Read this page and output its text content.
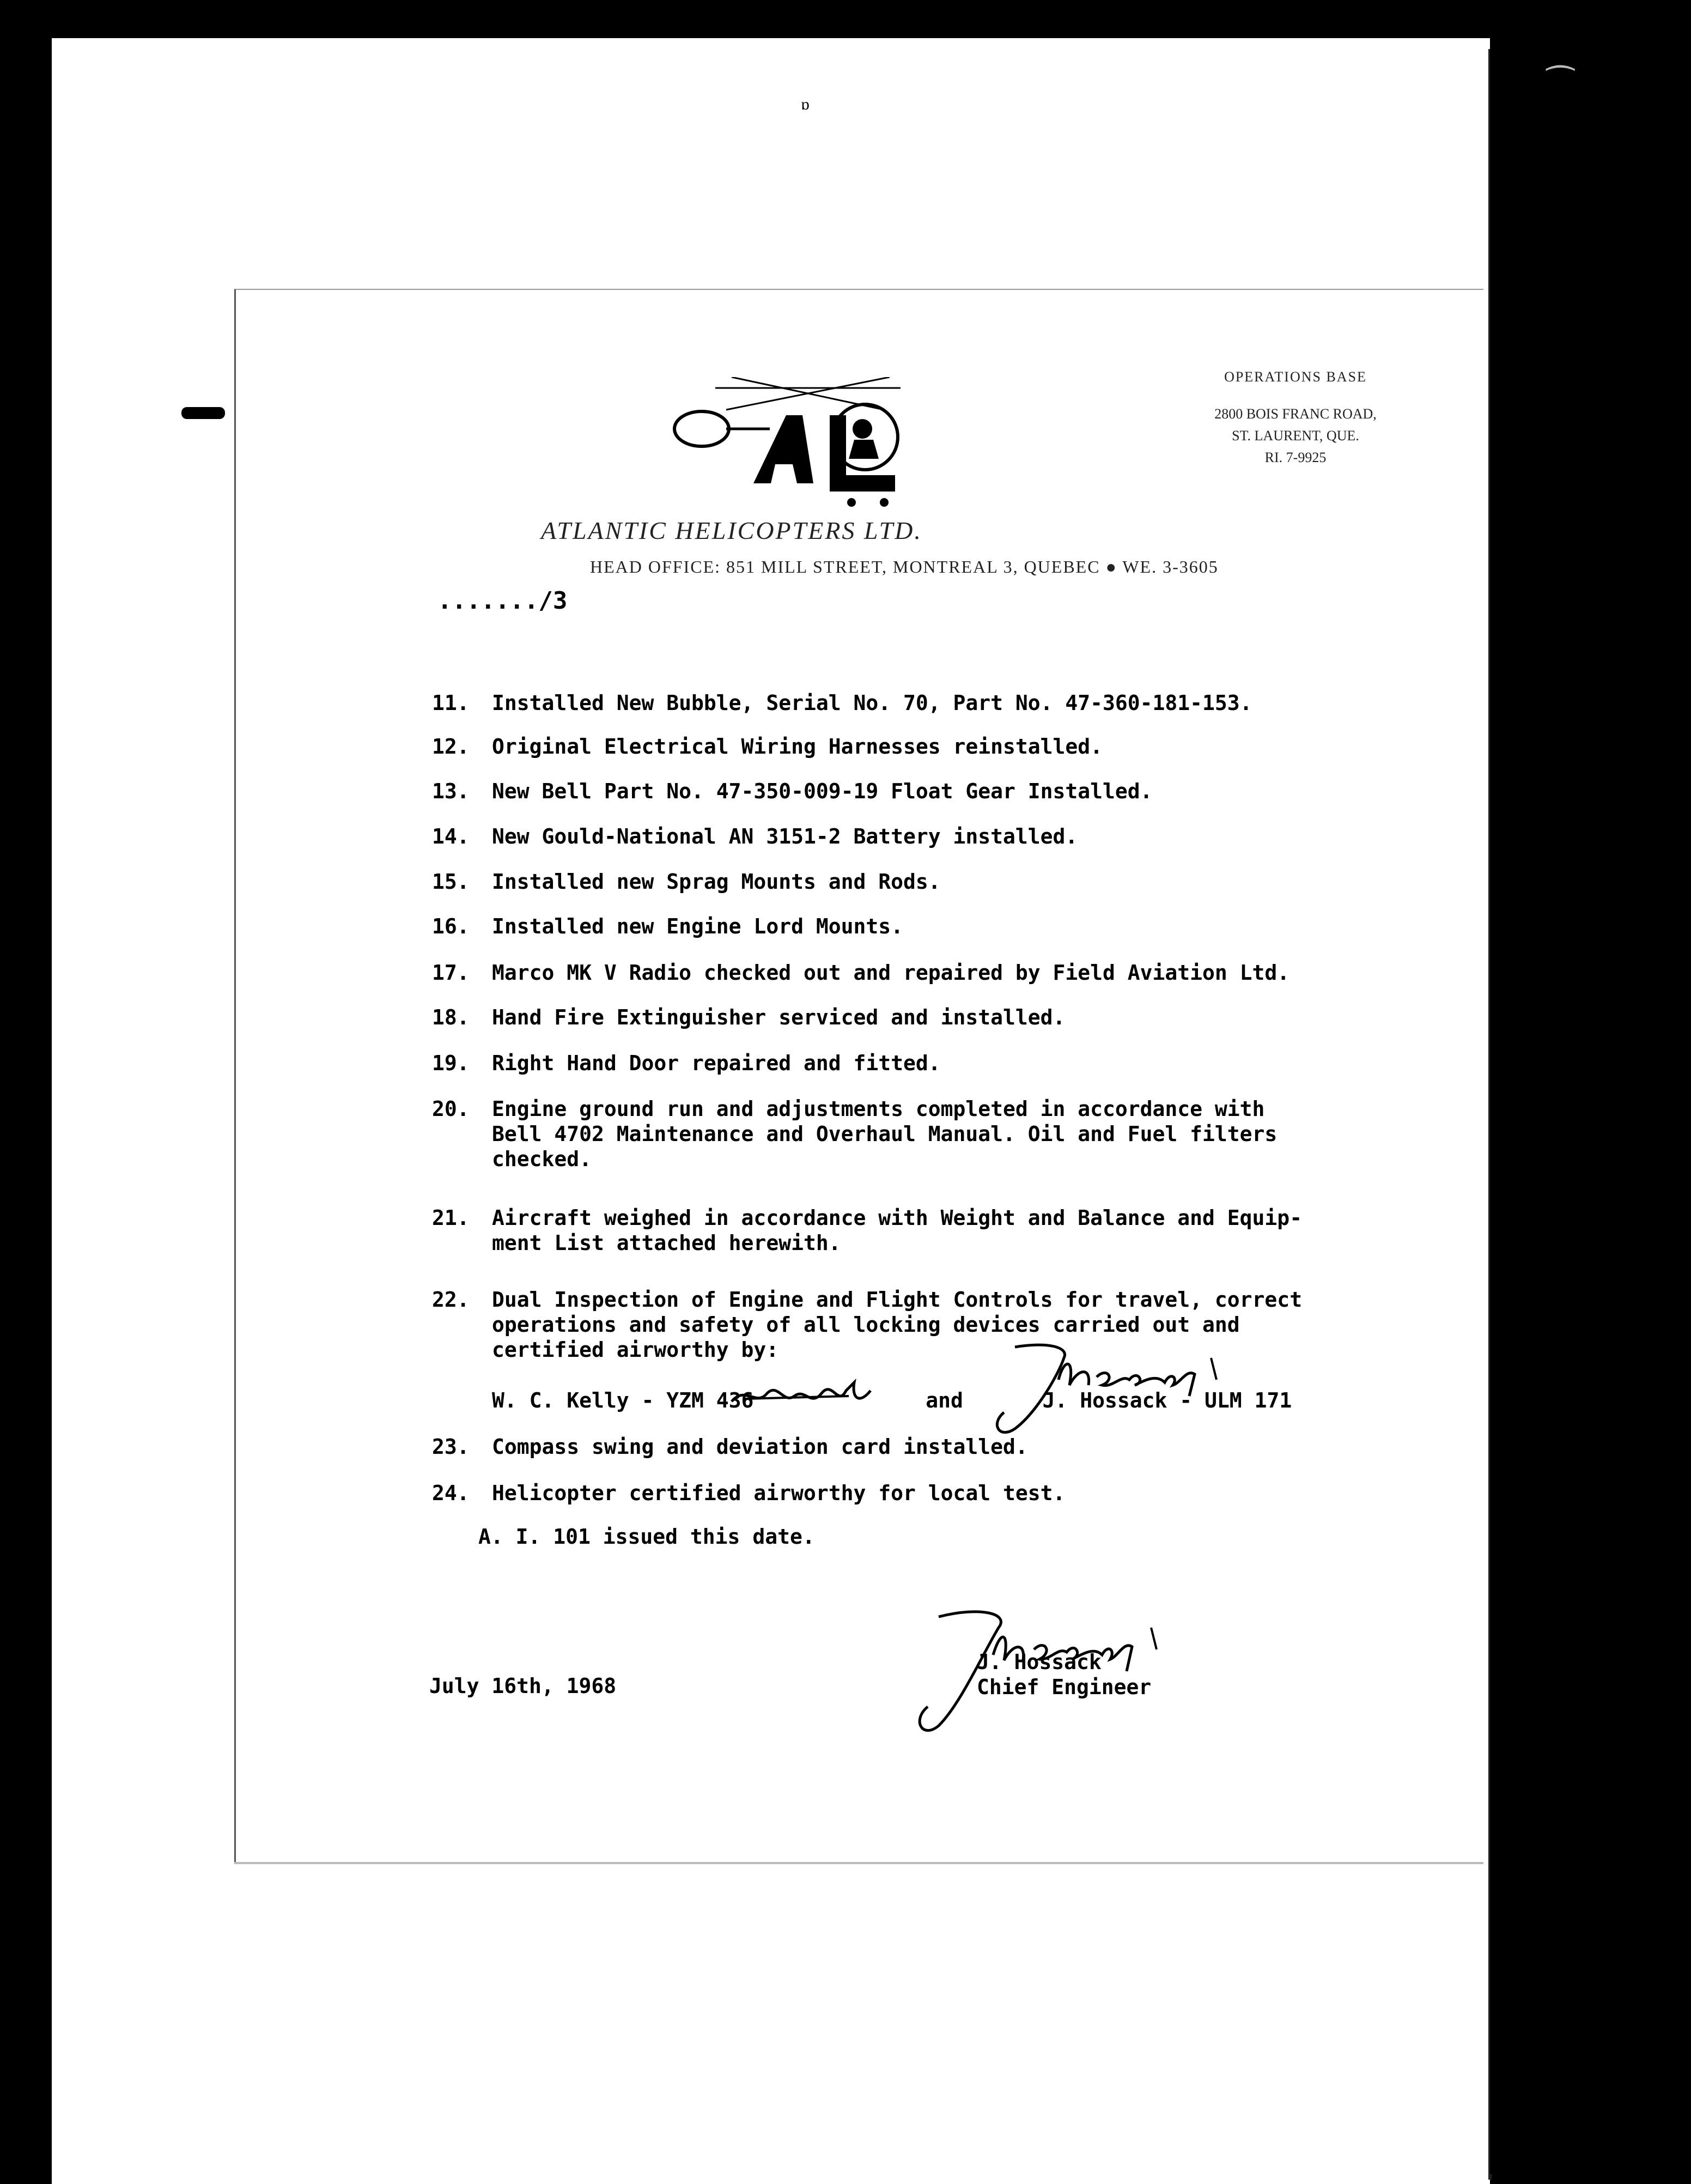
ɒ
ATLANTIC HELICOPTERS LTD.
HEAD OFFICE: 851 MILL STREET, MONTREAL 3, QUEBEC ● WE. 3-3605
OPERATIONS BASE
2800 BOIS FRANC ROAD,
ST. LAURENT, QUE.
RI. 7-9925
......./3
11. Installed New Bubble, Serial No. 70, Part No. 47-360-181-153.
12. Original Electrical Wiring Harnesses reinstalled.
13. New Bell Part No. 47-350-009-19 Float Gear Installed.
14. New Gould-National AN 3151-2 Battery installed.
15. Installed new Sprag Mounts and Rods.
16. Installed new Engine Lord Mounts.
17. Marco MK V Radio checked out and repaired by Field Aviation Ltd.
18. Hand Fire Extinguisher serviced and installed.
19. Right Hand Door repaired and fitted.
20. Engine ground run and adjustments completed in accordance with
Bell 4702 Maintenance and Overhaul Manual. Oil and Fuel filters
checked.
21. Aircraft weighed in accordance with Weight and Balance and Equip-
ment List attached herewith.
22. Dual Inspection of Engine and Flight Controls for travel, correct
operations and safety of all locking devices carried out and
certified airworthy by:
W. C. Kelly - YZM 436	and	J. Hossack - ULM 171
23. Compass swing and deviation card installed.
24. Helicopter certified airworthy for local test.
A. I. 101 issued this date.
July 16th, 1968
J. Hossack
Chief Engineer
⁀
